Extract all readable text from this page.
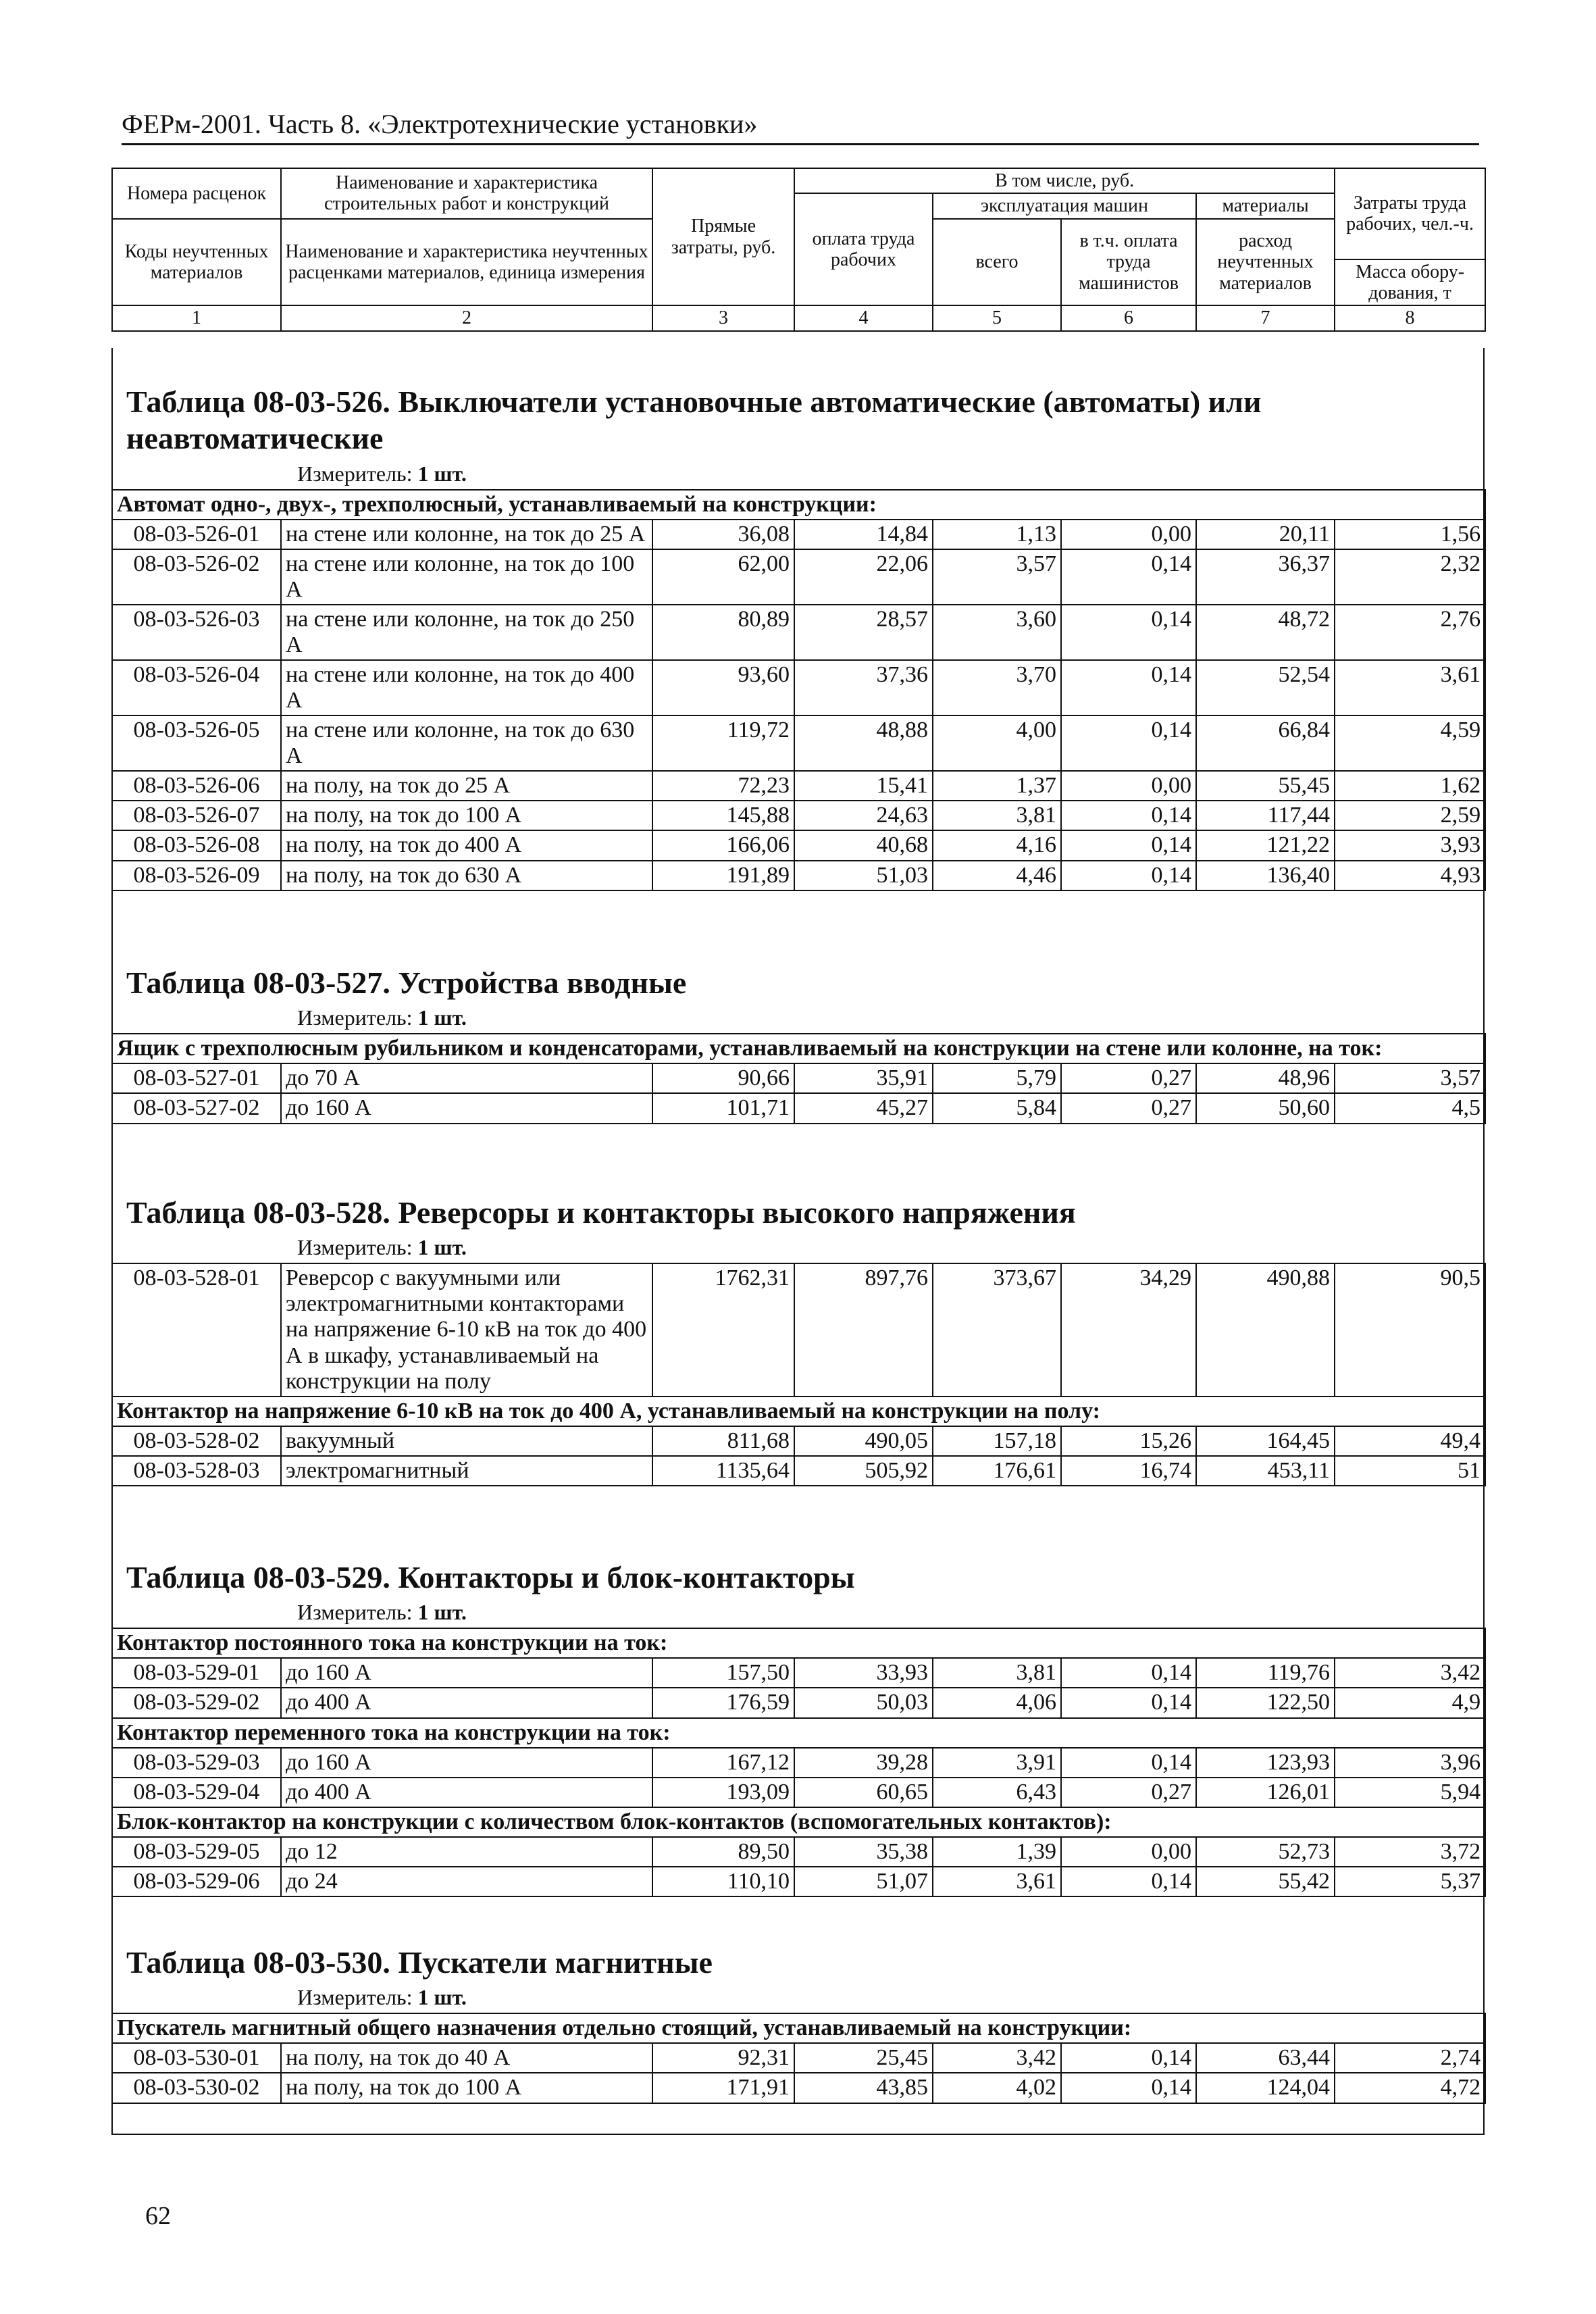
ФЕРм-2001. Часть 8. «Электротехнические установки»
Номера расценок	Наименование и характеристика строительных работ и конструкций	Прямые затраты, руб.	В том числе, руб.				Затраты труда рабочих, чел.-ч.
			оплата труда рабочих	эксплуатация машин		материалы	
Коды неучтенных материалов	Наименование и характеристика неучтенных расценками материалов, единица измерения			всего	в т.ч. оплата труда машинистов	расход неучтенных материалов	
							Масса обору- дования, т
1	2	3	4	5	6	7	8
Таблица 08-03-526. Выключатели установочные автоматические (автоматы) или неавтоматические
Измеритель: 1 шт.
Автомат одно-, двух-, трехполюсный, устанавливаемый на конструкции:							
08-03-526-01	на стене или колонне, на ток до 25 А	36,08	14,84	1,13	0,00	20,11	1,56
08-03-526-02	на стене или колонне, на ток до 100 А	62,00	22,06	3,57	0,14	36,37	2,32
08-03-526-03	на стене или колонне, на ток до 250 А	80,89	28,57	3,60	0,14	48,72	2,76
08-03-526-04	на стене или колонне, на ток до 400 А	93,60	37,36	3,70	0,14	52,54	3,61
08-03-526-05	на стене или колонне, на ток до 630 А	119,72	48,88	4,00	0,14	66,84	4,59
08-03-526-06	на полу, на ток до 25 А	72,23	15,41	1,37	0,00	55,45	1,62
08-03-526-07	на полу, на ток до 100 А	145,88	24,63	3,81	0,14	117,44	2,59
08-03-526-08	на полу, на ток до 400 А	166,06	40,68	4,16	0,14	121,22	3,93
08-03-526-09	на полу, на ток до 630 А	191,89	51,03	4,46	0,14	136,40	4,93
Таблица 08-03-527. Устройства вводные
Измеритель: 1 шт.
Ящик с трехполюсным рубильником и конденсаторами, устанавливаемый на конструкции на стене или колонне, на ток:							
08-03-527-01	до 70 А	90,66	35,91	5,79	0,27	48,96	3,57
08-03-527-02	до 160 А	101,71	45,27	5,84	0,27	50,60	4,5
Таблица 08-03-528. Реверсоры и контакторы высокого напряжения
Измеритель: 1 шт.
08-03-528-01	Реверсор с вакуумными или электромагнитными контакторами на напряжение 6-10 кВ на ток до 400 А в шкафу, устанавливаемый на конструкции на полу	1762,31	897,76	373,67	34,29	490,88	90,5
Контактор на напряжение 6-10 кВ на ток до 400 А, устанавливаемый на конструкции на полу:							
08-03-528-02	вакуумный	811,68	490,05	157,18	15,26	164,45	49,4
08-03-528-03	электромагнитный	1135,64	505,92	176,61	16,74	453,11	51
Таблица 08-03-529. Контакторы и блок-контакторы
Измеритель: 1 шт.
Контактор постоянного тока на конструкции на ток:							
08-03-529-01	до 160 А	157,50	33,93	3,81	0,14	119,76	3,42
08-03-529-02	до 400 А	176,59	50,03	4,06	0,14	122,50	4,9
Контактор переменного тока на конструкции на ток:							
08-03-529-03	до 160 А	167,12	39,28	3,91	0,14	123,93	3,96
08-03-529-04	до 400 А	193,09	60,65	6,43	0,27	126,01	5,94
Блок-контактор на конструкции с количеством блок-контактов (вспомогательных контактов):							
08-03-529-05	до 12	89,50	35,38	1,39	0,00	52,73	3,72
08-03-529-06	до 24	110,10	51,07	3,61	0,14	55,42	5,37
Таблица 08-03-530. Пускатели магнитные
Измеритель: 1 шт.
Пускатель магнитный общего назначения отдельно стоящий, устанавливаемый на конструкции:							
08-03-530-01	на полу, на ток до 40 А	92,31	25,45	3,42	0,14	63,44	2,74
08-03-530-02	на полу, на ток до 100 А	171,91	43,85	4,02	0,14	124,04	4,72
62
